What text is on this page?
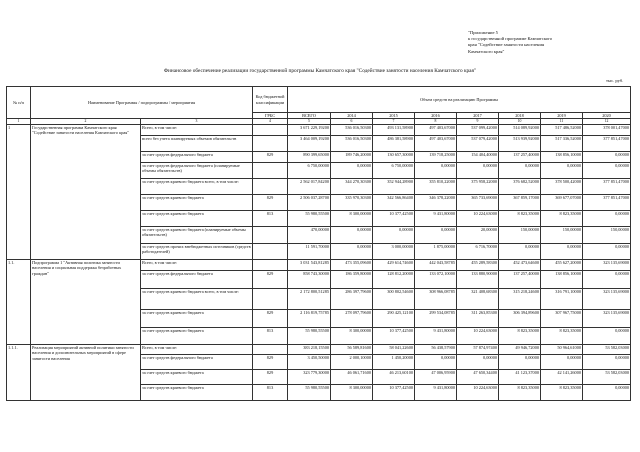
"Приложение 5
к государственной программе Камчатского
края "Содействие занятости населения
Камчатского края"
Финансовое обеспечение реализации государственной программы Камчатского края "Содействие занятости населения Камчатского края"
тыс. руб.
№ п/п	Наименование Программы / подпрограммы / мероприятия		Код бюджетной классификации	Объем средств на реализацию Программы							
			ГРБС	ВСЕГО	2014	2015	2016	2017	2018	2019	2020
1	2	3	4	5	6	7	8	9	10	11	12
1	Государственная программа Камчатского края "Содействие занятости населения Камчатского края"	Всего, в том числе:		3 671 229,19200	536 016,50300	493 131,58900	497 403,67000	537 099,42000	514 089,92000	517 486,52000	378 001,47000
		всего без учета планируемых объемов обязательств		3 464 009,19200	536 016,50300	486 381,58900	497 403,67000	537 079,42000	513 939,92000	517 336,52000	377 851,47000
		за счет средств федерального бюджета	829	890 399,65000	189 746,20000	130 657,30000	139 718,25000	154 404,40000	137 257,40000	138 856,10000	0,00000
		за счет средств федерального бюджета (планируемые объемы обязательств)		6 750,00000	0,00000	6 750,00000	0,00000	0,00000	0,00000	0,00000	0,00000
		за счет средств краевого бюджета всего, в том числе:		2 562 017,84200	344 270,30300	352 944,28900	355 810,22000	375 958,22000	376 682,52000	378 500,42000	377 851,47000
		за счет средств краевого бюджета	829	2 506 037,28700	335 970,30300	342 566,86400	346 378,22000	365 733,69000	367 859,17000	369 677,07000	377 851,47000
		за счет средств краевого бюджета	813	55 980,55500	8 300,00000	10 377,42500	9 431,80000	10 224,63000	8 823,35000	8 823,35000	0,00000
		за счет средств краевого бюджета (планируемые объемы обязательств)		470,00000	0,00000	0,00000	0,00000	20,00000	150,00000	150,00000	150,00000
		за счет средств прочих внебюджетных источников (средств работодателей)		11 591,70000	0,00000	3 000,00000	1 875,00000	6 716,70000	0,00000	0,00000	0,00000
1.1.	Подпрограмма 1 "Активная политика занятости населения и социальная поддержка безработных граждан"	Всего, в том числе:		3 031 543,81285	473 355,09600	429 614,74600	442 043,58785	455 289,58300	452 473,64600	455 627,20000	323 135,69000
		за счет средств федерального бюджета	829	858 743,30000	186 359,80000	128 812,20000	133 072,10000	133 880,90000	137 257,40000	138 856,10000	0,00000
		за счет средств краевого бюджета всего, в том числе:		2 172 800,51285	286 397,79600	300 802,54600	308 966,08785	321 408,68300	315 218,24600	316 791,10000	323 135,69000
		за счет средств краевого бюджета	829	2 116 819,75785	278 097,79600	290 425,12100	299 534,08785	311 263,85300	306 394,89600	307 967,75000	323 135,69000
		за счет средств краевого бюджета	813	55 980,55500	8 300,00000	10 377,42500	9 431,80000	10 224,63000	8 823,35000	8 823,35000	0,00000
1.1.1.	Реализация мероприятий активной политики занятости населения и дополнительных мероприятий в сфере занятости населения	Всего, в том числе:		383 218,15500	56 589,81600	58 041,22600	56 438,57900	57 874,97400	49 946,72000	50 964,61000	53 582,03000
		за счет средств федерального бюджета	829	3 450,50000	2 000,10000	1 450,20000	0,00000	0,00000	0,00000	0,00000	0,00000
		за счет средств краевого бюджета	829	323 779,30000	46 061,71600	46 213,60100	47 006,95900	47 650,34400	41 123,37000	42 141,26000	53 582,03000
		за счет средств краевого бюджета	813	55 980,55500	8 300,00000	10 377,42500	9 431,80000	10 224,63000	8 823,35000	8 823,35000	0,00000
